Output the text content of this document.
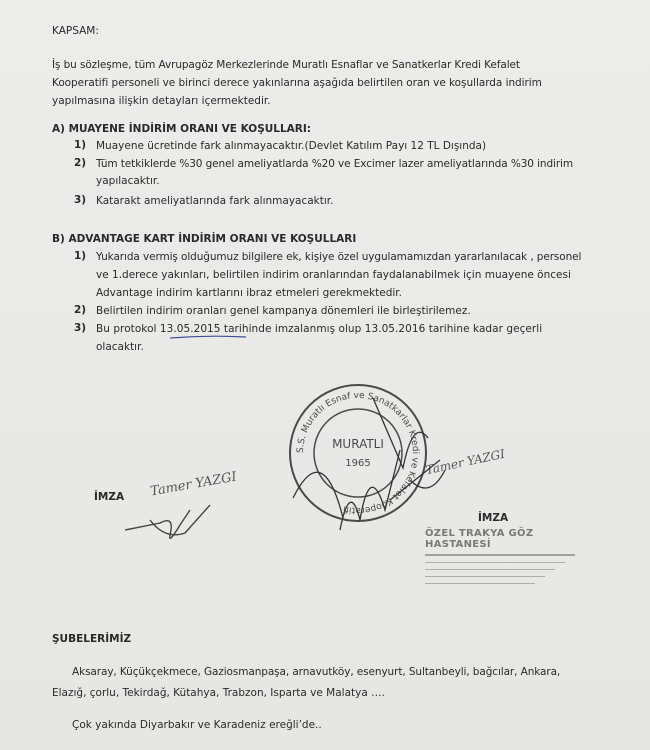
KAPSAM:
İş bu sözleşme, tüm Avrupagöz Merkezlerinde Muratlı Esnaflar ve Sanatkerlar Kredi Kefalet
Kooperatifi personeli ve birinci derece yakınlarına aşağıda belirtilen oran ve koşullarda indirim
yapılmasına ilişkin detayları içermektedir.
A) MUAYENE İNDİRİM ORANI VE KOŞULLARI:
1) Muayene ücretinde fark alınmayacaktır.(Devlet Katılım Payı 12 TL Dışında)
2) Tüm tetkiklerde %30 genel ameliyatlarda %20 ve Excimer lazer ameliyatlarında %30 indirim
yapılacaktır.
3) Katarakt ameliyatlarında fark alınmayacaktır.
B) ADVANTAGE KART İNDİRİM ORANI VE KOŞULLARI
1) Yukarıda vermiş olduğumuz bilgilere ek, kişiye özel uygulamamızdan yararlanılacak , personel
ve 1.derece yakınları, belirtilen indirim oranlarından faydalanabilmek için muayene öncesi
Advantage indirim kartlarını ibraz etmeleri gerekmektedir.
2) Belirtilen indirim oranları genel kampanya dönemleri ile birleştirilemez.
3) Bu protokol 13.05.2015 tarihinde imzalanmış olup 13.05.2016 tarihine kadar geçerli
olacaktır.
İMZA
İMZA
Tamer YAZGI
Tamer YAZGI
S.S. Muratlı Esnaf ve Sanatkarlar Kredi ve Kefalet Kooperatifi
MURATLI
1965
ÖZEL TRAKYA GÖZ HASTANESİ
ŞUBELERİMİZ
Aksaray, Küçükçekmece, Gaziosmanpaşa, arnavutköy, esenyurt, Sultanbeyli, bağcılar, Ankara,
Elazığ, çorlu, Tekirdağ, Kütahya, Trabzon, Isparta ve Malatya ….
Çok yakında Diyarbakır ve Karadeniz ereğli’de..
